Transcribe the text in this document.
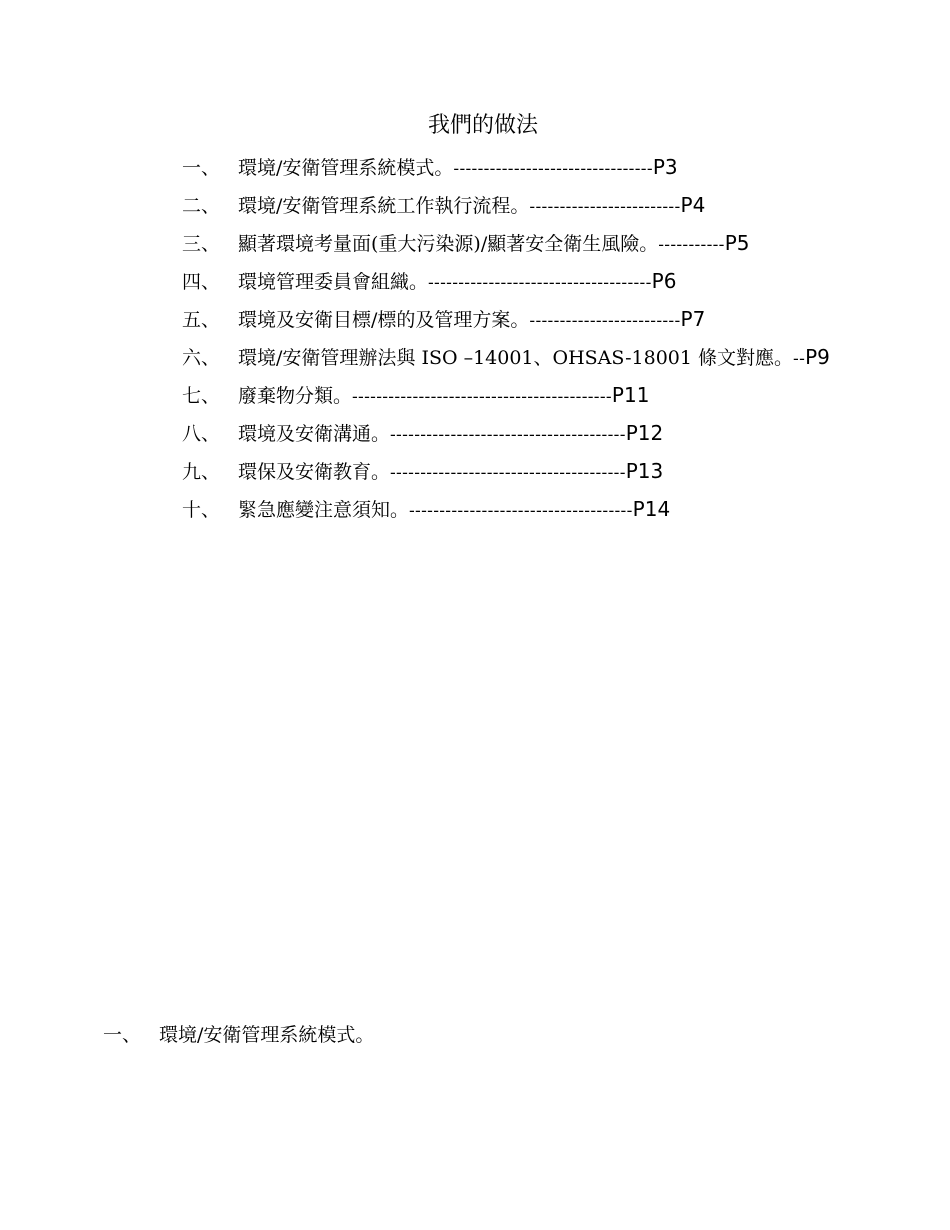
我們的做法
一、 環境/安衛管理系統模式。---------------------------------P3
二、 環境/安衛管理系統工作執行流程。-------------------------P4
三、 顯著環境考量面(重大污染源)/顯著安全衛生風險。-----------P5
四、 環境管理委員會組織。-------------------------------------P6
五、 環境及安衛目標/標的及管理方案。-------------------------P7
六、 環境/安衛管理辦法與 ISO –14001、OHSAS-18001 條文對應。--P9
七、 廢棄物分類。-------------------------------------------P11
八、 環境及安衛溝通。---------------------------------------P12
九、 環保及安衛教育。---------------------------------------P13
十、 緊急應變注意須知。-------------------------------------P14
一、 環境/安衛管理系統模式。
